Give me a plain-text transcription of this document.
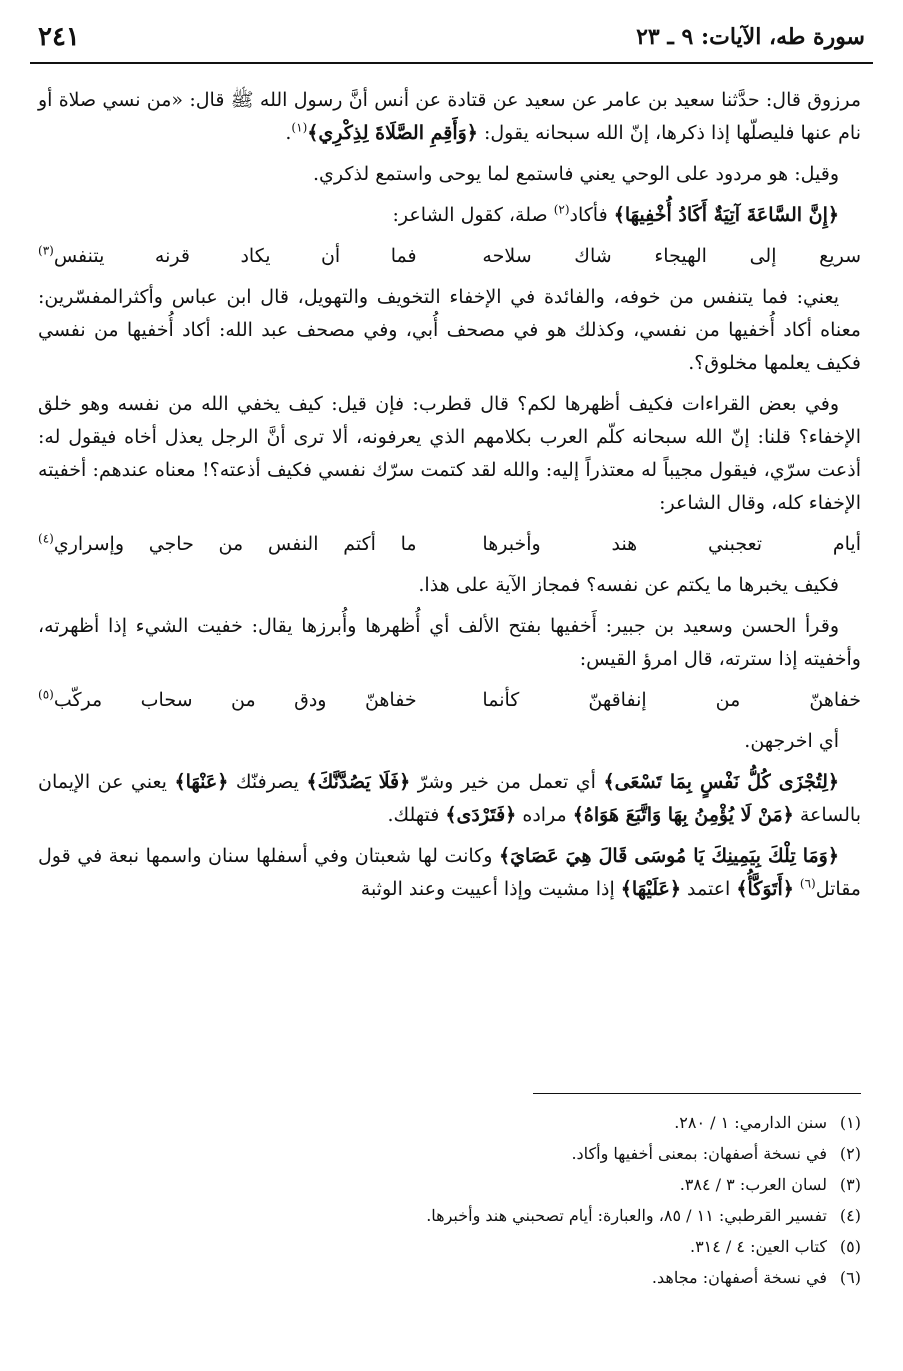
سورة طه، الآيات: ٩ ـ ٢٣
٢٤١

مرزوق قال: حدَّثنا سعيد بن عامر عن سعيد عن قتادة عن أنس أنَّ رسول الله ﷺ قال: «من نسي صلاة أو نام عنها فليصلّها إذا ذكرها، إنّ الله سبحانه يقول: ﴿وَأَقِمِ الصَّلَاةَ لِذِكْرِي﴾$^{(١)}$.

وقيل: هو مردود على الوحي يعني فاستمع لما يوحى واستمع لذكري.

﴿إِنَّ السَّاعَةَ آتِيَةٌ أَكَادُ أُخْفِيهَا﴾ فأكاد$^{(٢)}$ صلة، كقول الشاعر:

سريع إلى الهيجاء شاك سلاحه
فما أن يكاد قرنه يتنفس$^{(٣)}$

يعني: فما يتنفس من خوفه، والفائدة في الإخفاء التخويف والتهويل، قال ابن عباس وأكثرالمفسّرين: معناه أكاد أُخفيها من نفسي، وكذلك هو في مصحف أُبي، وفي مصحف عبد الله: أكاد أُخفيها من نفسي فكيف يعلمها مخلوق؟.

وفي بعض القراءات فكيف أظهرها لكم؟ قال قطرب: فإن قيل: كيف يخفي الله من نفسه وهو خلق الإخفاء؟ قلنا: إنّ الله سبحانه كلّم العرب بكلامهم الذي يعرفونه، ألا ترى أنَّ الرجل يعذل أخاه فيقول له: أذعت سرّي، فيقول مجيباً له معتذراً إليه: والله لقد كتمت سرّك نفسي فكيف أذعته؟! معناه عندهم: أخفيته الإخفاء كله، وقال الشاعر:

أيام تعجبني هند وأخبرها
ما أكتم النفس من حاجي وإسراري$^{(٤)}$

فكيف يخبرها ما يكتم عن نفسه؟ فمجاز الآية على هذا.

وقرأ الحسن وسعيد بن جبير: أَخفيها بفتح الألف أي أُظهرها وأُبرزها يقال: خفيت الشيء إذا أظهرته، وأخفيته إذا سترته، قال امرؤ القيس:

خفاهنّ من إنفاقهنّ كأنما
خفاهنّ ودق من سحاب مركّب$^{(٥)}$

أي اخرجهن.

﴿لِتُجْزَى كُلُّ نَفْسٍ بِمَا تَسْعَى﴾ أي تعمل من خير وشرّ ﴿فَلَا يَصُدَّنَّكَ﴾ يصرفنّك ﴿عَنْهَا﴾ يعني عن الإيمان بالساعة ﴿مَنْ لَا يُؤْمِنُ بِهَا وَاتَّبَعَ هَوَاهُ﴾ مراده ﴿فَتَرْدَى﴾ فتهلك.

﴿وَمَا تِلْكَ بِيَمِينِكَ يَا مُوسَى قَالَ هِيَ عَصَايَ﴾ وكانت لها شعبتان وفي أسفلها سنان واسمها نبعة في قول مقاتل$^{(٦)}$ ﴿أَتَوَكَّأُ﴾ اعتمد ﴿عَلَيْهَا﴾ إذا مشيت وإذا أعييت وعند الوثبة

(١)
سنن الدارمي: ١ / ٢٨٠.
(٢)
في نسخة أصفهان: بمعنى أخفيها وأكاد.
(٣)
لسان العرب: ٣ / ٣٨٤.
(٤)
تفسير القرطبي: ١١ / ٨٥، والعبارة: أيام تصحبني هند وأخبرها.
(٥)
كتاب العين: ٤ / ٣١٤.
(٦)
في نسخة أصفهان: مجاهد.
